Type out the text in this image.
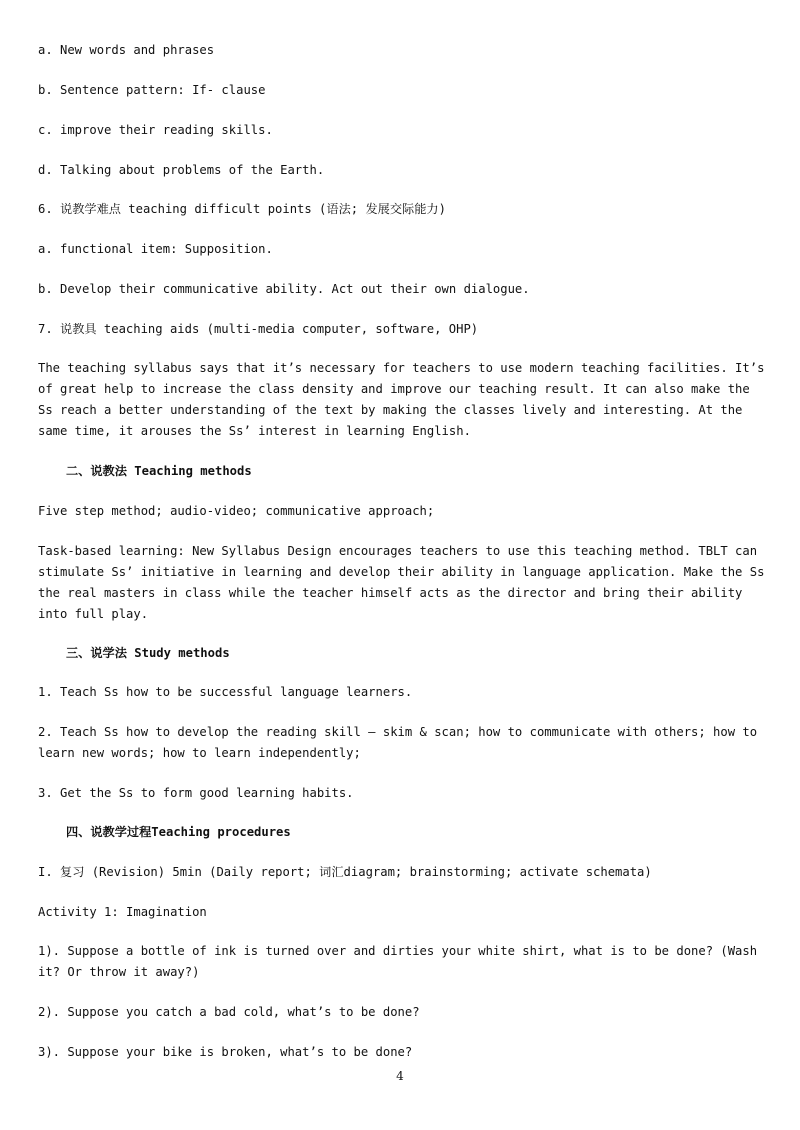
a. New words and phrases

b. Sentence pattern: If- clause

c. improve their reading skills.

d. Talking about problems of the Earth.

6. 说教学难点 teaching difficult points (语法; 发展交际能力)

a. functional item: Supposition.

b. Develop their communicative ability. Act out their own dialogue.

7. 说教具 teaching aids (multi-media computer, software, OHP)

The teaching syllabus says that it’s necessary for teachers to use modern teaching facilities. It’s of great help to increase the class density and improve our teaching result. It can also make the Ss reach a better understanding of the text by making the classes lively and interesting. At the same time, it arouses the Ss’ interest in learning English.

二、说教法 Teaching methods

Five step method; audio-video; communicative approach;

Task-based learning: New Syllabus Design encourages teachers to use this teaching method. TBLT can stimulate Ss’ initiative in learning and develop their ability in language application. Make the Ss the real masters in class while the teacher himself acts as the director and bring their ability into full play.

三、说学法 Study methods

1. Teach Ss how to be successful language learners.

2. Teach Ss how to develop the reading skill — skim & scan; how to communicate with others; how to learn new words; how to learn independently;

3. Get the Ss to form good learning habits.

四、说教学过程Teaching procedures

I. 复习 (Revision) 5min (Daily report; 词汇diagram; brainstorming; activate schemata)

Activity 1: Imagination

1). Suppose a bottle of ink is turned over and dirties your white shirt, what is to be done? (Wash it? Or throw it away?)

2). Suppose you catch a bad cold, what’s to be done?

3). Suppose your bike is broken, what’s to be done?

4
